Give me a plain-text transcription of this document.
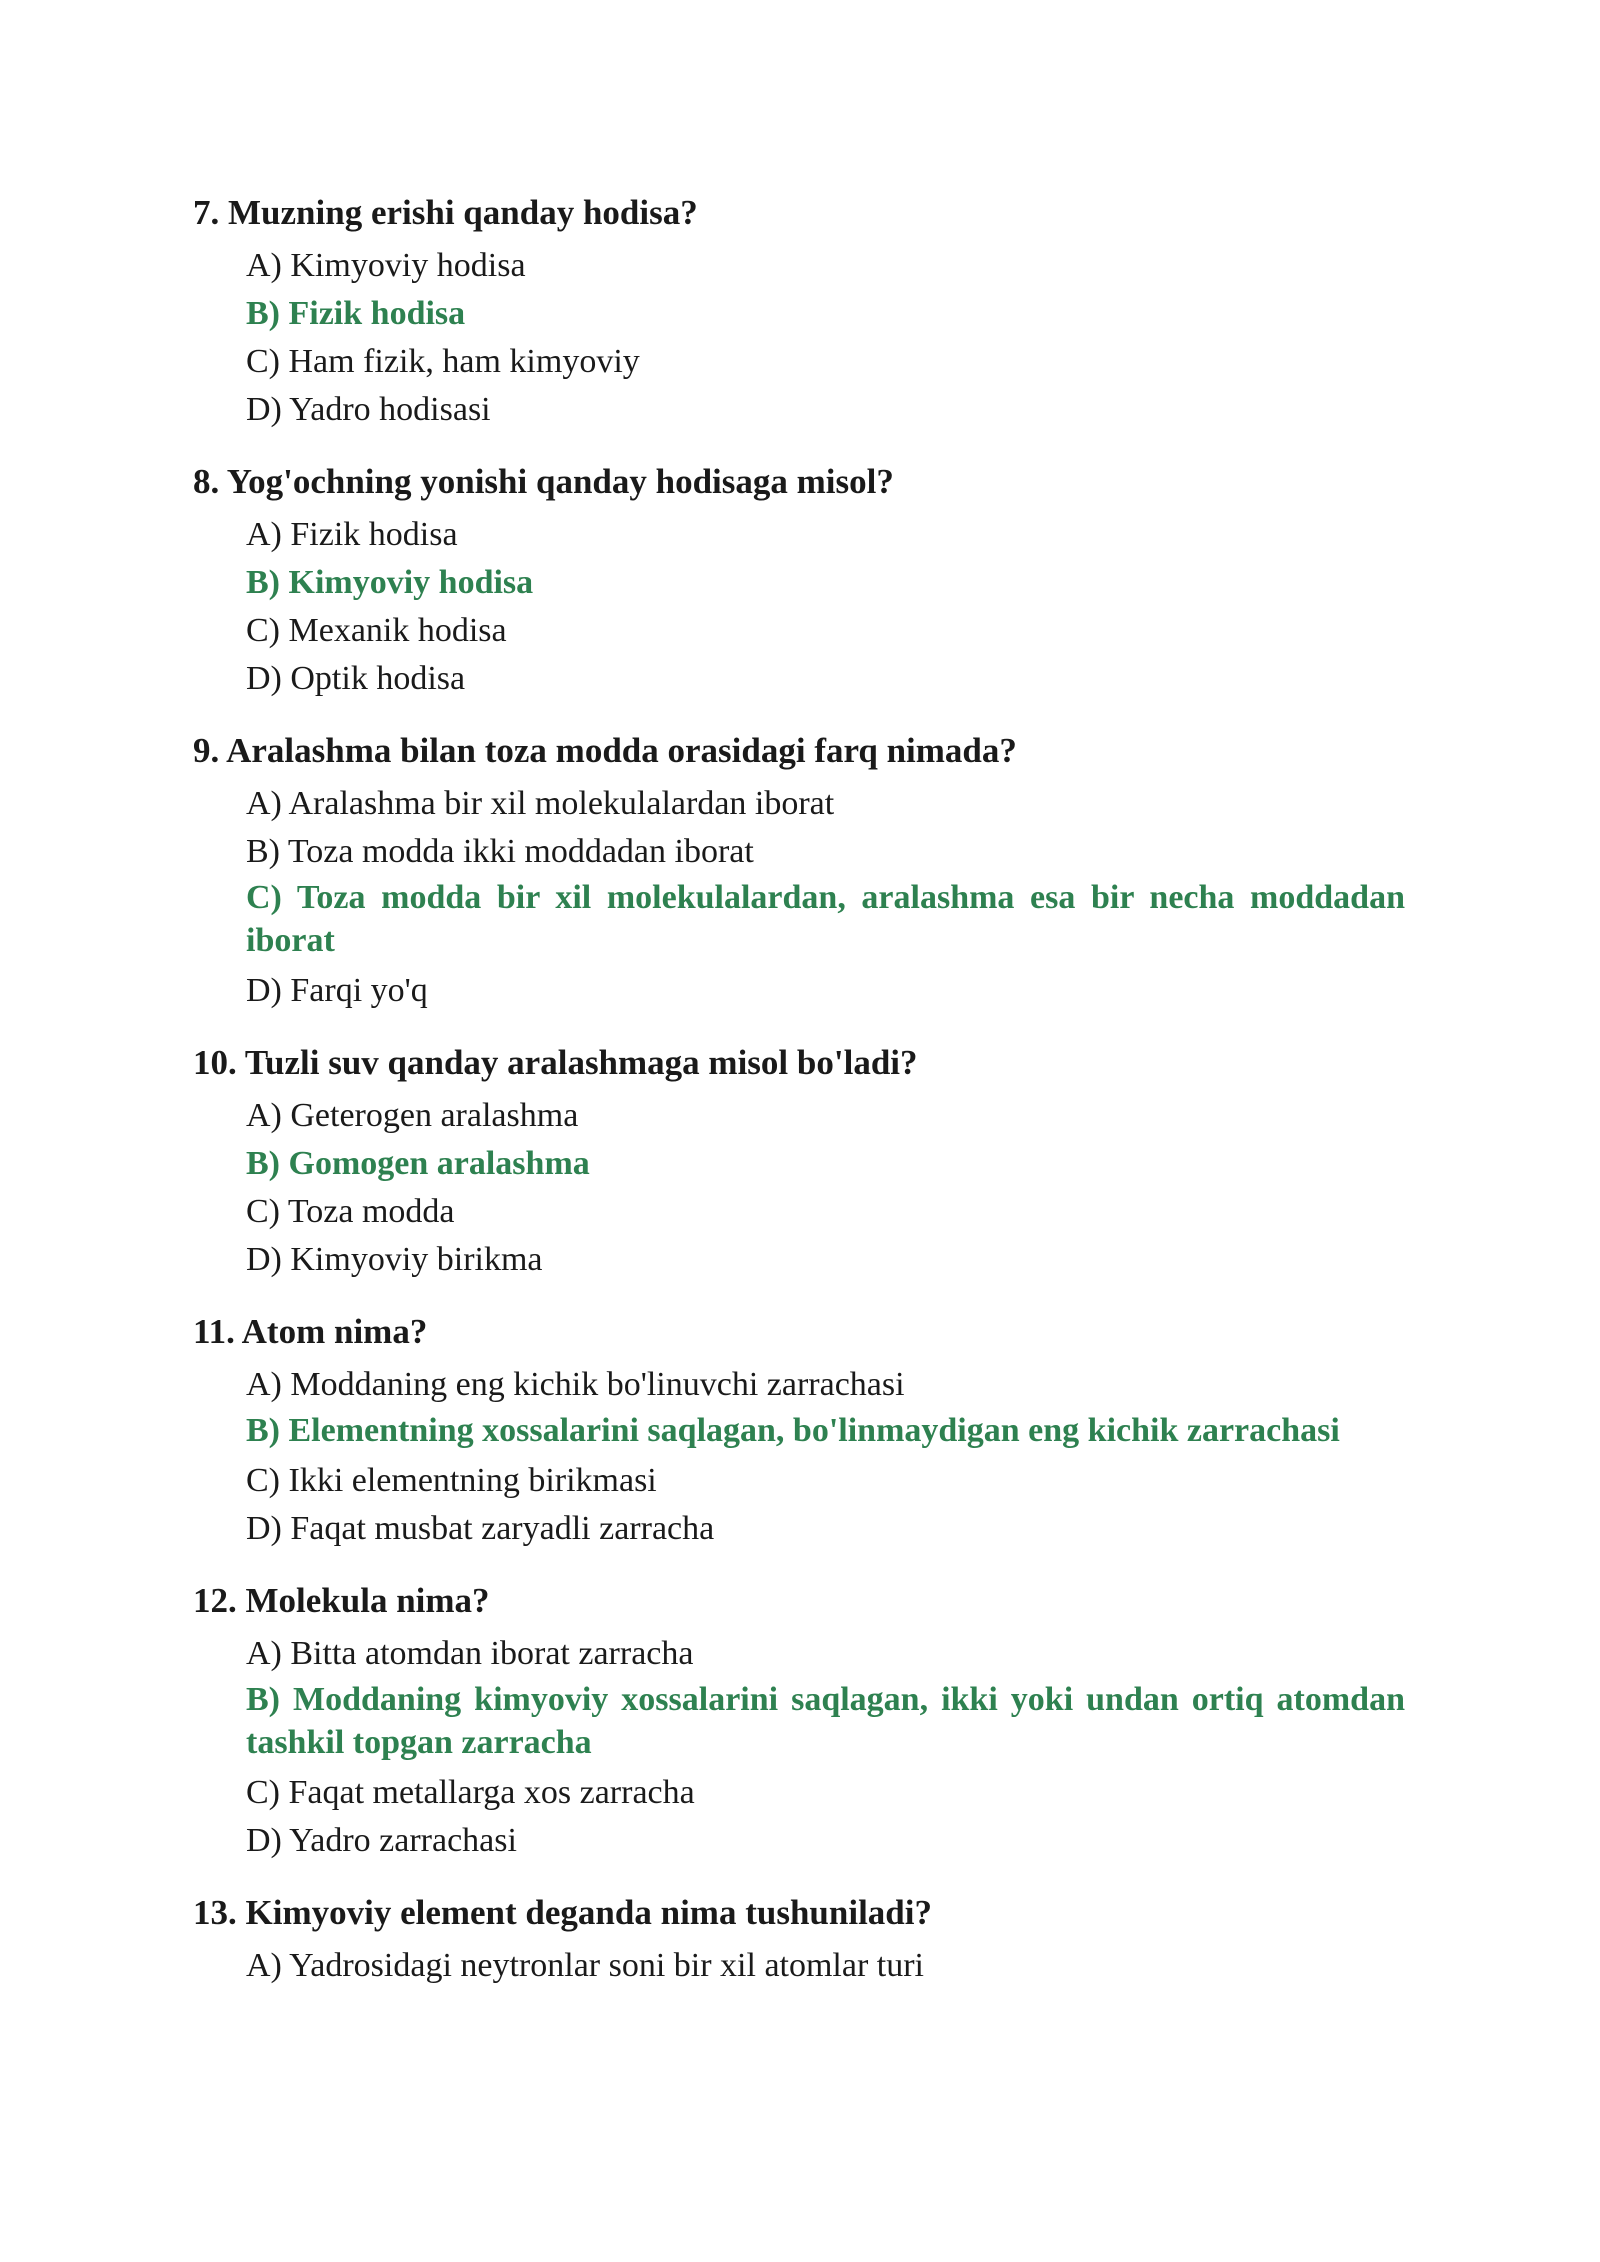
7. Muzning erishi qanday hodisa?
A) Kimyoviy hodisa
B) Fizik hodisa
C) Ham fizik, ham kimyoviy
D) Yadro hodisasi
8. Yog'ochning yonishi qanday hodisaga misol?
A) Fizik hodisa
B) Kimyoviy hodisa
C) Mexanik hodisa
D) Optik hodisa
9. Aralashma bilan toza modda orasidagi farq nimada?
A) Aralashma bir xil molekulalardan iborat
B) Toza modda ikki moddadan iborat
C) Toza modda bir xil molekulalardan, aralashma esa bir necha moddadan iborat
D) Farqi yo'q
10. Tuzli suv qanday aralashmaga misol bo'ladi?
A) Geterogen aralashma
B) Gomogen aralashma
C) Toza modda
D) Kimyoviy birikma
11. Atom nima?
A) Moddaning eng kichik bo'linuvchi zarrachasi
B) Elementning xossalarini saqlagan, bo'linmaydigan eng kichik zarrachasi
C) Ikki elementning birikmasi
D) Faqat musbat zaryadli zarracha
12. Molekula nima?
A) Bitta atomdan iborat zarracha
B) Moddaning kimyoviy xossalarini saqlagan, ikki yoki undan ortiq atomdan tashkil topgan zarracha
C) Faqat metallarga xos zarracha
D) Yadro zarrachasi
13. Kimyoviy element deganda nima tushuniladi?
A) Yadrosidagi neytronlar soni bir xil atomlar turi
